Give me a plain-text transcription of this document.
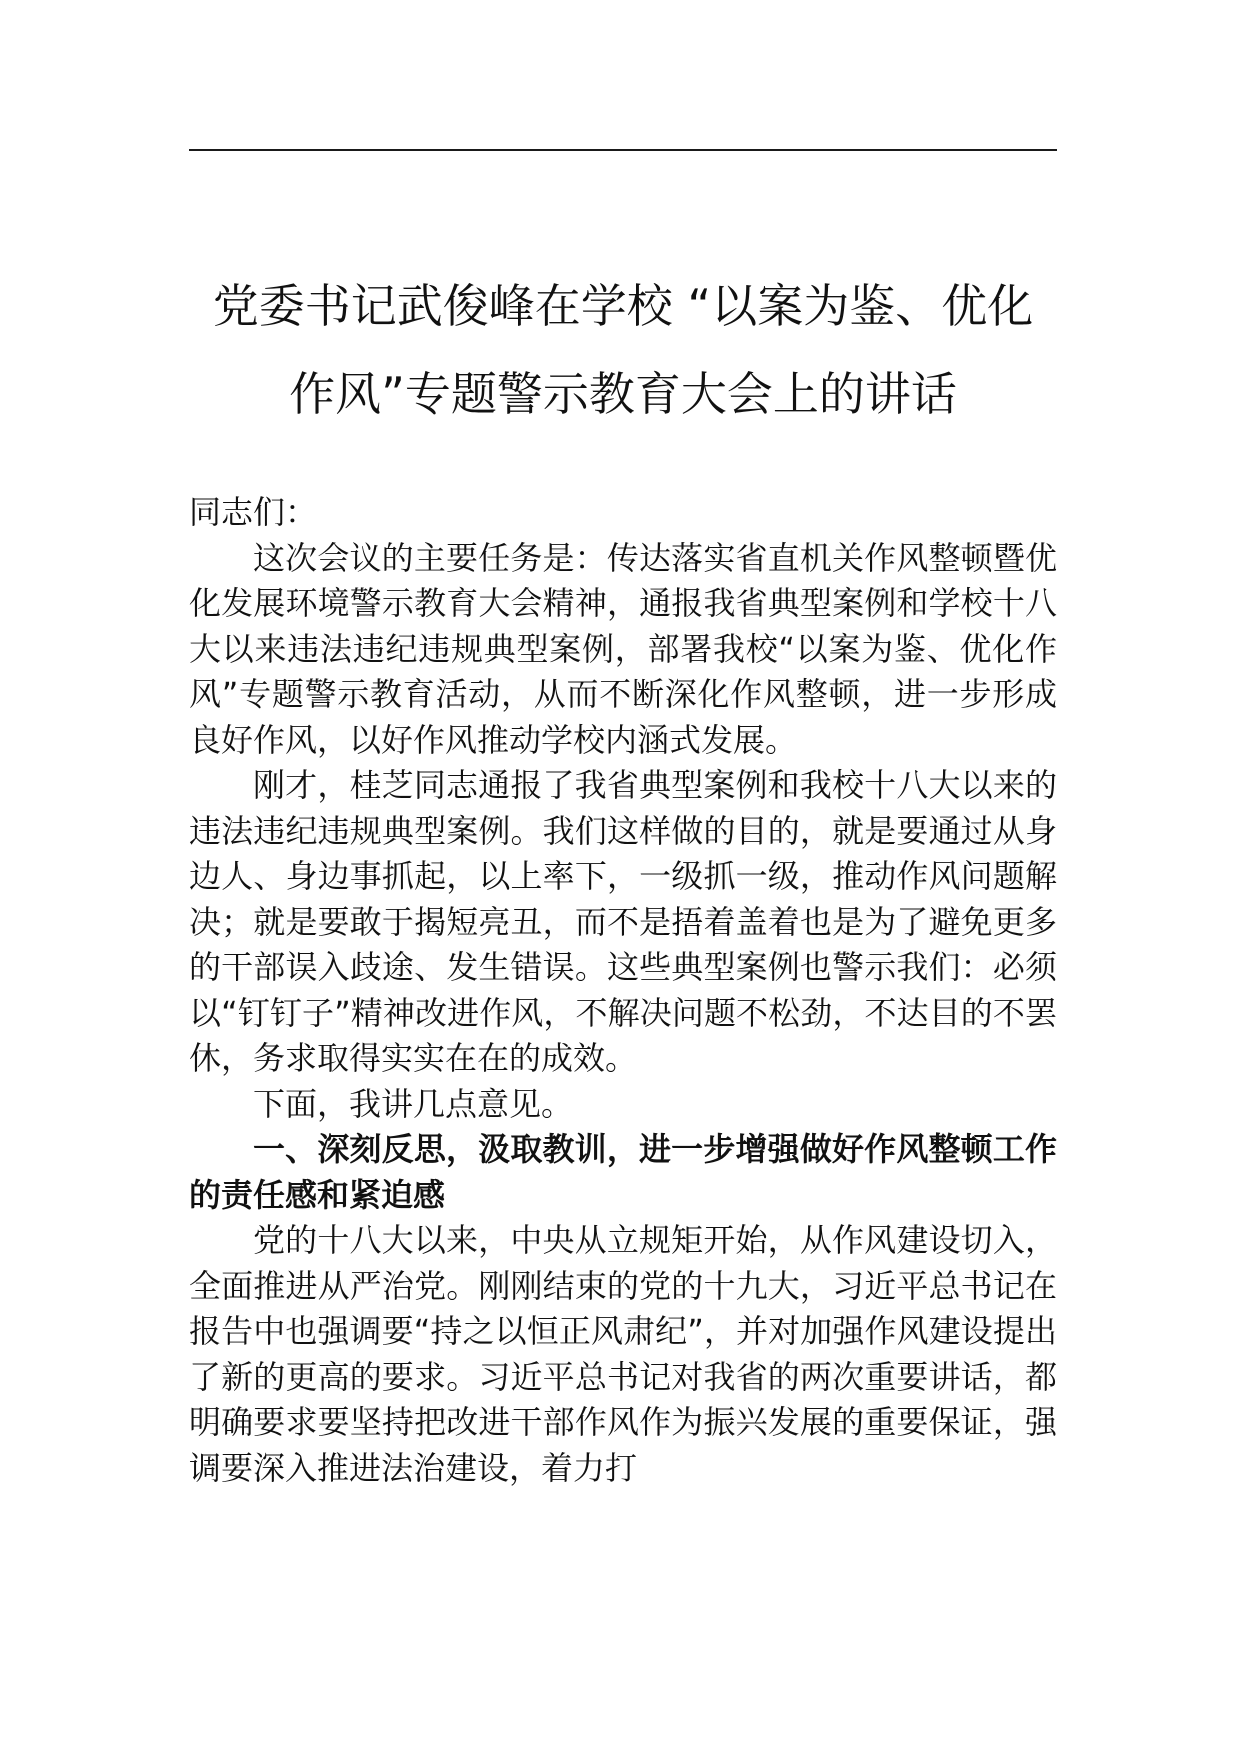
党委书记武俊峰在学校 “以案为鉴、优化
作风”专题警示教育大会上的讲话

同志们：

这次会议的主要任务是：传达落实省直机关作风整顿暨优化发展环境警示教育大会精神，通报我省典型案例和学校十八大以来违法违纪违规典型案例，部署我校“以案为鉴、优化作风”专题警示教育活动，从而不断深化作风整顿，进一步形成良好作风，以好作风推动学校内涵式发展。

刚才，桂芝同志通报了我省典型案例和我校十八大以来的违法违纪违规典型案例。我们这样做的目的，就是要通过从身边人、身边事抓起，以上率下，一级抓一级，推动作风问题解决；就是要敢于揭短亮丑，而不是捂着盖着也是为了避免更多的干部误入歧途、发生错误。这些典型案例也警示我们：必须以“钉钉子”精神改进作风，不解决问题不松劲，不达目的不罢休，务求取得实实在在的成效。

下面，我讲几点意见。

一、深刻反思，汲取教训，进一步增强做好作风整顿工作的责任感和紧迫感

党的十八大以来，中央从立规矩开始，从作风建设切入，全面推进从严治党。刚刚结束的党的十九大，习近平总书记在报告中也强调要“持之以恒正风肃纪”，并对加强作风建设提出了新的更高的要求。习近平总书记对我省的两次重要讲话，都明确要求要坚持把改进干部作风作为振兴发展的重要保证，强调要深入推进法治建设，着力打
